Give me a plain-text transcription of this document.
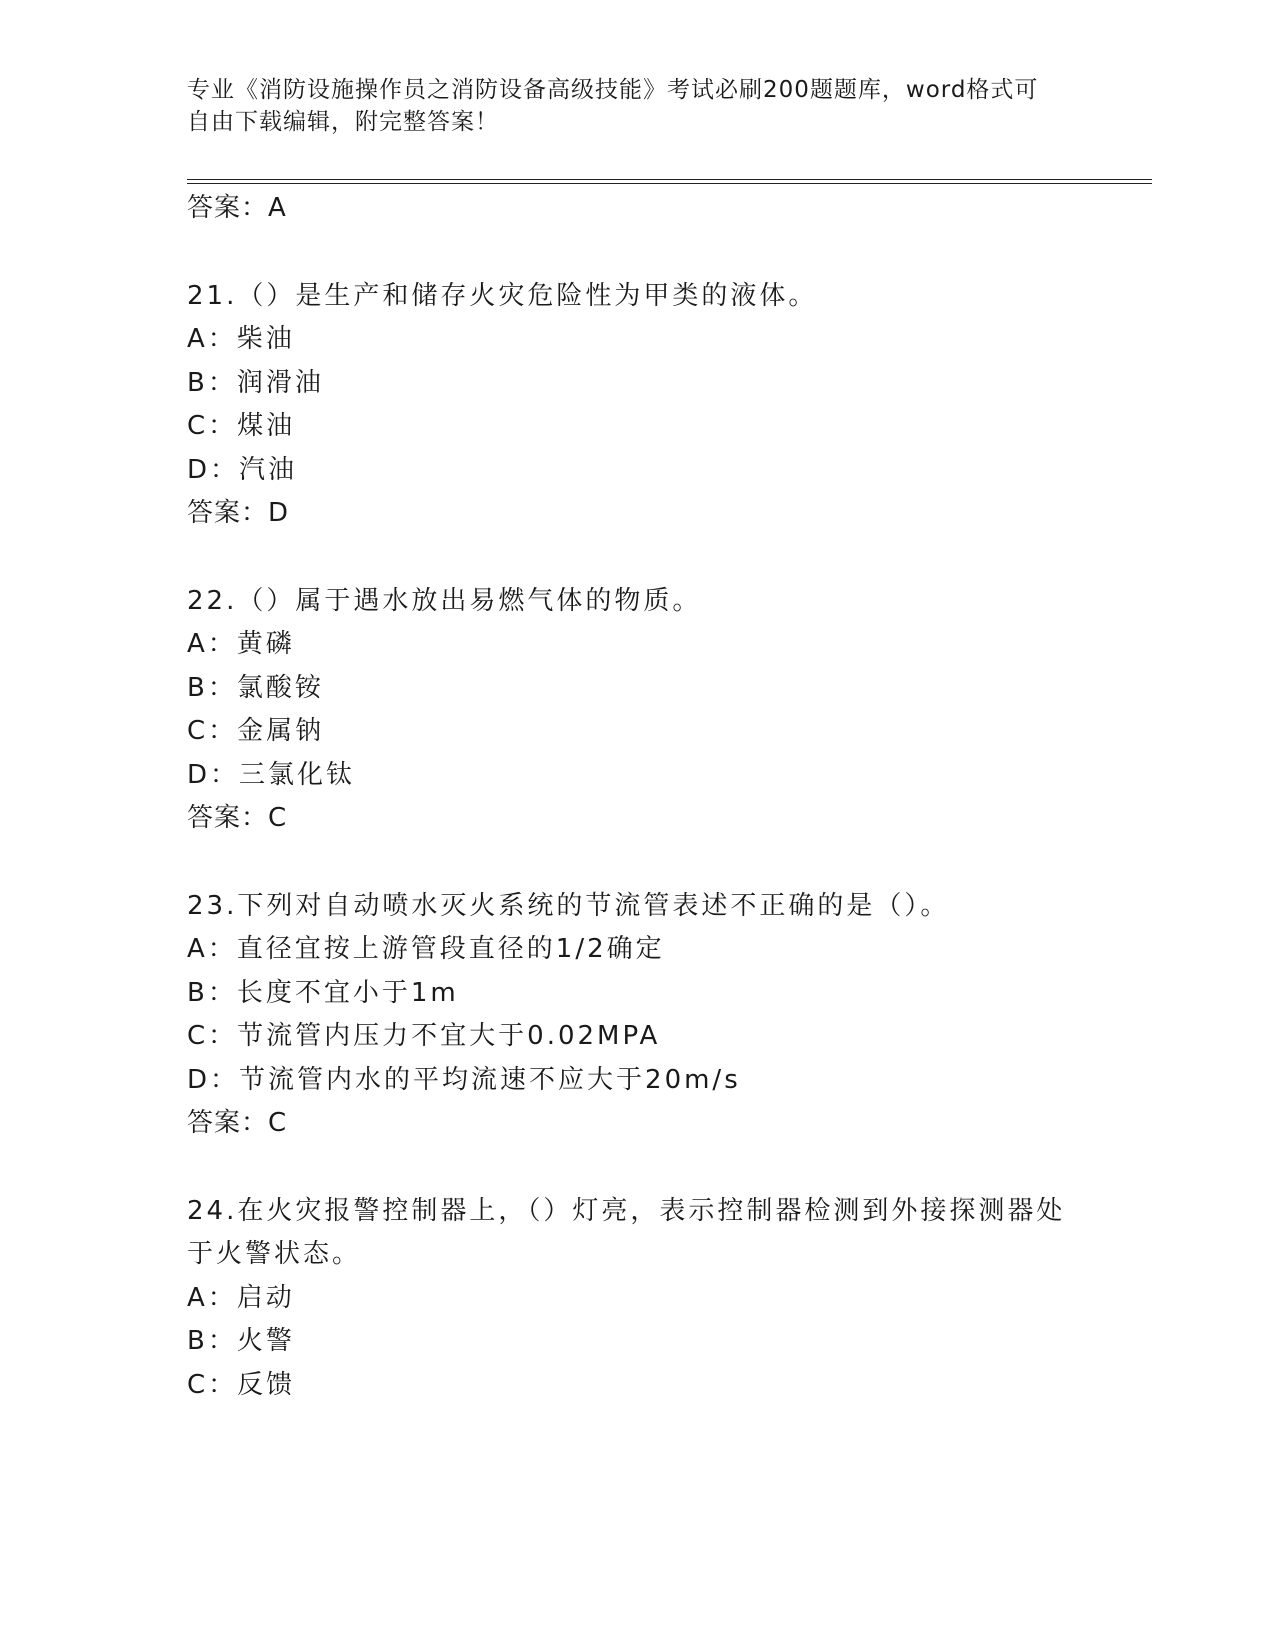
专业《消防设施操作员之消防设备高级技能》考试必刷200题题库，word格式可
自由下载编辑，附完整答案！
答案：A
21.（）是生产和储存火灾危险性为甲类的液体。
A：柴油
B：润滑油
C：煤油
D：汽油
答案：D
22.（）属于遇水放出易燃气体的物质。
A：黄磷
B：氯酸铵
C：金属钠
D：三氯化钛
答案：C
23.下列对自动喷水灭火系统的节流管表述不正确的是（）。
A：直径宜按上游管段直径的1/2确定
B：长度不宜小于1m
C：节流管内压力不宜大于0.02MPA
D：节流管内水的平均流速不应大于20m/s
答案：C
24.在火灾报警控制器上，（）灯亮，表示控制器检测到外接探测器处
于火警状态。
A：启动
B：火警
C：反馈
